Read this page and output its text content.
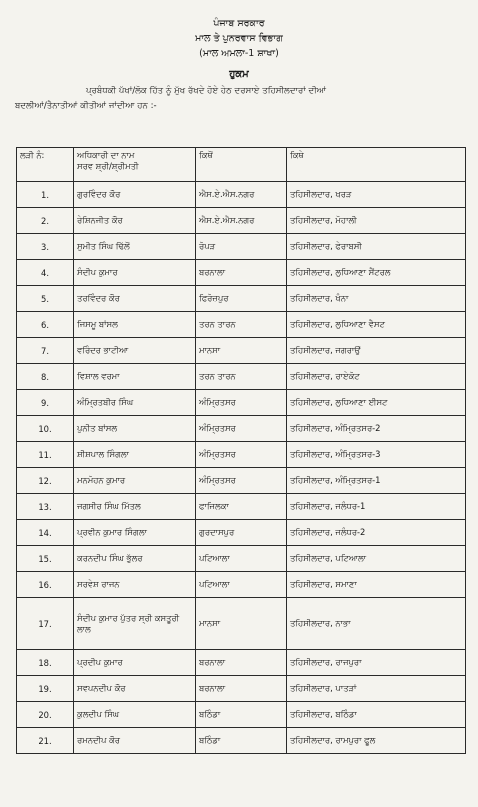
ਪੰਜਾਬ ਸਰਕਾਰ
ਮਾਲ ਤੇ ਪੁਨਰਵਾਸ ਵਿਭਾਗ
(ਮਾਲ ਅਮਲਾ-1 ਸ਼ਾਖਾ)
ਹੁਕਮ
ਪ੍ਰਬੰਧਕੀ ਪੱਖਾਂ/ਲੋਕ ਹਿੱਤ ਨੂੰ ਮੁੱਖ ਰੱਖਦੇ ਹੋਏ ਹੇਠ ਦਰਸਾਏ ਤਹਿਸੀਲਦਾਰਾਂ ਦੀਆਂ
ਬਦਲੀਆਂ/ਤੈਨਾਤੀਆਂ ਕੀਤੀਆਂ ਜਾਂਦੀਆ ਹਨ :-
ਲੜੀ ਨੰ:	ਅਧਿਕਾਰੀ ਦਾ ਨਾਮ
ਸਰਵ ਸ਼੍ਰੀ/ਸ਼੍ਰੀਮਤੀ	ਕਿਥੋਂ	ਕਿਥੇ
1.	ਗੁਰਵਿੰਦਰ ਕੌਰ	ਐਸ.ਏ.ਐਸ.ਨਗਰ	ਤਹਿਸੀਲਦਾਰ, ਖਰੜ
2.	ਰੇਸ਼ਿਨਜੀਤ ਕੌਰ	ਐਸ.ਏ.ਐਸ.ਨਗਰ	ਤਹਿਸੀਲਦਾਰ, ਮੋਹਾਲੀ
3.	ਸੁਮੀਤ ਸਿੰਘ ਢਿੱਲੋਂ	ਰੋਪੜ	ਤਹਿਸੀਲਦਾਰ, ਫੇਰਾਬਸੀ
4.	ਸੰਦੀਪ ਕੁਮਾਰ	ਬਰਨਾਲਾ	ਤਹਿਸੀਲਦਾਰ, ਲੁਧਿਆਣਾ ਸੈਂਟਰਲ
5.	ਤਰਵਿੰਦਰ ਕੌਰ	ਫਿਰੋਜ਼ਪੁਰ	ਤਹਿਸੀਲਦਾਰ, ਖੰਨਾ
6.	ਜਿਸਮੂ ਬਾਂਸਲ	ਤਰਨ ਤਾਰਨ	ਤਹਿਸੀਲਦਾਰ, ਲੁਧਿਆਣਾ ਵੈਸਟ
7.	ਵਰਿੰਦਰ ਭਾਟੀਆ	ਮਾਨਸਾ	ਤਹਿਸੀਲਦਾਰ, ਜਗਰਾਉਂ
8.	ਵਿਸ਼ਾਲ ਵਰਮਾ	ਤਰਨ ਤਾਰਨ	ਤਹਿਸੀਲਦਾਰ, ਰਾਏਕੋਟ
9.	ਅੰਮ੍ਰਿਤਬੀਰ ਸਿੰਘ	ਅੰਮ੍ਰਿਤਸਰ	ਤਹਿਸੀਲਦਾਰ, ਲੁਧਿਆਣਾ ਈਸਟ
10.	ਪੁਨੀਤ ਬਾਂਸਲ	ਅੰਮ੍ਰਿਤਸਰ	ਤਹਿਸੀਲਦਾਰ, ਅੰਮ੍ਰਿਤਸਰ-2
11.	ਸ਼ੀਸ਼ਪਾਲ ਸਿੰਗਲਾ	ਅੰਮ੍ਰਿਤਸਰ	ਤਹਿਸੀਲਦਾਰ, ਅੰਮ੍ਰਿਤਸਰ-3
12.	ਮਨਮੋਹਨ ਕੁਮਾਰ	ਅੰਮ੍ਰਿਤਸਰ	ਤਹਿਸੀਲਦਾਰ, ਅੰਮ੍ਰਿਤਸਰ-1
13.	ਜਗਸੀਰ ਸਿੰਘ ਮਿੱਤਲ	ਫਾਜਿਲਕਾ	ਤਹਿਸੀਲਦਾਰ, ਜਲੰਧਰ-1
14.	ਪ੍ਰਵੀਨ ਕੁਮਾਰ ਸਿੰਗਲਾ	ਗੁਰਦਾਸਪੁਰ	ਤਹਿਸੀਲਦਾਰ, ਜਲੰਧਰ-2
15.	ਕਰਨਦੀਪ ਸਿੰਘ ਭੁੱਲਰ	ਪਟਿਆਲਾ	ਤਹਿਸੀਲਦਾਰ, ਪਟਿਆਲਾ
16.	ਸਰਵੇਸ਼ ਰਾਜਨ	ਪਟਿਆਲਾ	ਤਹਿਸੀਲਦਾਰ, ਸਮਾਣਾ
17.	ਸੰਦੀਪ ਕੁਮਾਰ ਪੁੱਤਰ ਸ੍ਰੀ ਕਸਤੂਰੀ ਲਾਲ	ਮਾਨਸਾ	ਤਹਿਸੀਲਦਾਰ, ਨਾਭਾ
18.	ਪ੍ਰਦੀਪ ਕੁਮਾਰ	ਬਰਨਾਲਾ	ਤਹਿਸੀਲਦਾਰ, ਰਾਜਪੁਰਾ
19.	ਸਵਪਨਦੀਪ ਕੌਰ	ਬਰਨਾਲਾ	ਤਹਿਸੀਲਦਾਰ, ਪਾਤੜਾਂ
20.	ਕੁਲਦੀਪ ਸਿੰਘ	ਬਠਿੰਡਾ	ਤਹਿਸੀਲਦਾਰ, ਬਠਿੰਡਾ
21.	ਰਮਨਦੀਪ ਕੌਰ	ਬਠਿੰਡਾ	ਤਹਿਸੀਲਦਾਰ, ਰਾਮਪੁਰਾ ਫੂਲ
